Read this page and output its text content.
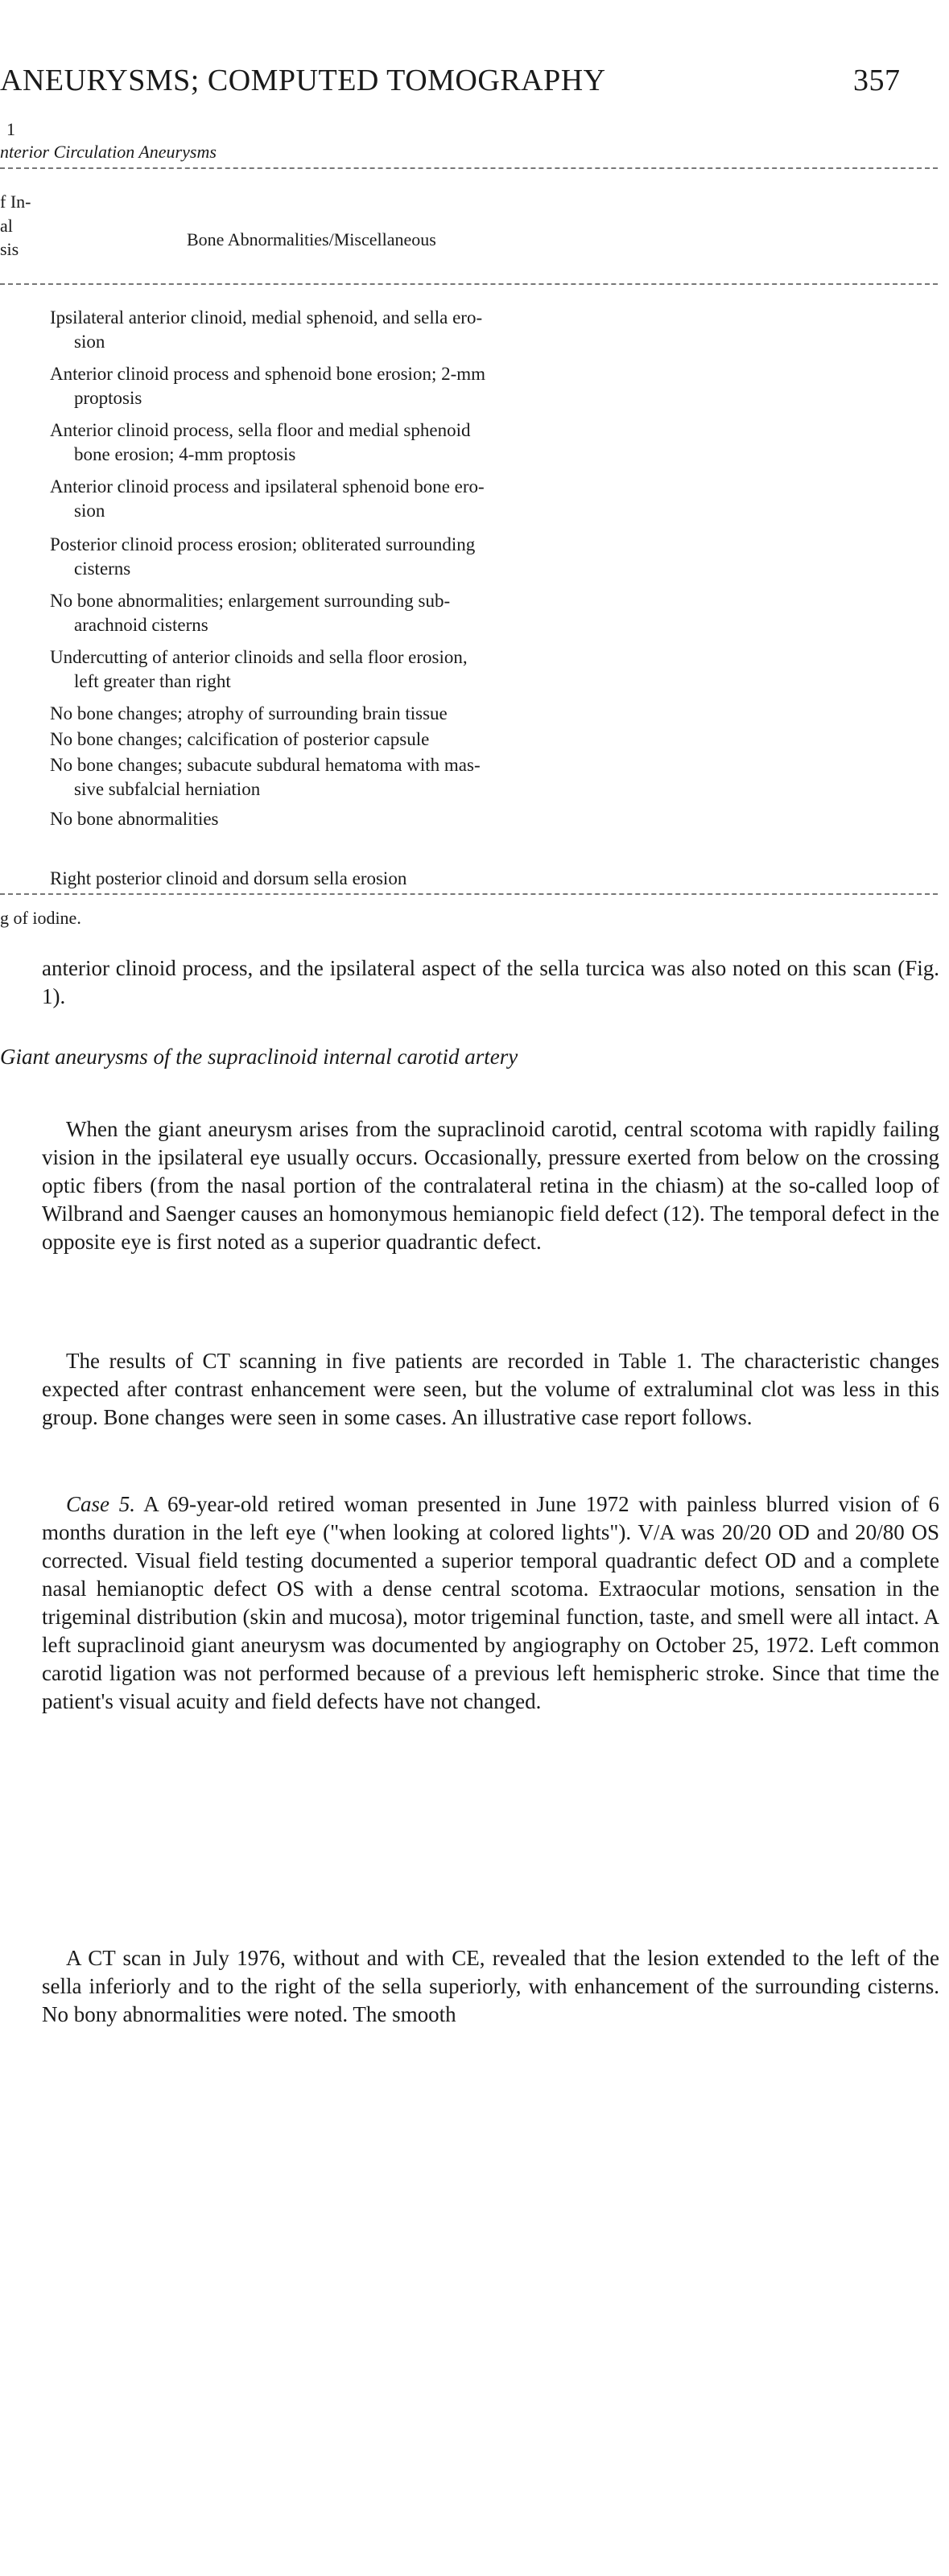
ANEURYSMS; COMPUTED TOMOGRAPHY	357
1
nterior Circulation Aneurysms
f In-
al
sis	Bone Abnormalities/Miscellaneous
Ipsilateral anterior clinoid, medial sphenoid, and sella ero-
sion
Anterior clinoid process and sphenoid bone erosion; 2-mm
proptosis
Anterior clinoid process, sella floor and medial sphenoid
bone erosion; 4-mm proptosis
Anterior clinoid process and ipsilateral sphenoid bone ero-
sion
Posterior clinoid process erosion; obliterated surrounding
cisterns
No bone abnormalities; enlargement surrounding sub-
arachnoid cisterns
Undercutting of anterior clinoids and sella floor erosion,
left greater than right
No bone changes; atrophy of surrounding brain tissue
No bone changes; calcification of posterior capsule
No bone changes; subacute subdural hematoma with mas-
sive subfalcial herniation
No bone abnormalities
Right posterior clinoid and dorsum sella erosion
g of iodine.
anterior clinoid process, and the ipsilateral aspect of the sella turcica was also noted on this scan (Fig. 1).
Giant aneurysms of the supraclinoid internal carotid artery
When the giant aneurysm arises from the supraclinoid carotid, central scotoma with rapidly failing vision in the ipsilateral eye usually occurs. Occasionally, pressure exerted from below on the crossing optic fibers (from the nasal portion of the contralateral retina in the chiasm) at the so-called loop of Wilbrand and Saenger causes an homonymous hemianopic field defect (12). The temporal defect in the opposite eye is first noted as a superior quadrantic defect.
The results of CT scanning in five patients are recorded in Table 1. The characteristic changes expected after contrast enhancement were seen, but the volume of extraluminal clot was less in this group. Bone changes were seen in some cases. An illustrative case report follows.
Case 5. A 69-year-old retired woman presented in June 1972 with painless blurred vision of 6 months duration in the left eye ("when looking at colored lights"). V/A was 20/20 OD and 20/80 OS corrected. Visual field testing documented a superior temporal quadrantic defect OD and a complete nasal hemianoptic defect OS with a dense central scotoma. Extraocular motions, sensation in the trigeminal distribution (skin and mucosa), motor trigeminal function, taste, and smell were all intact. A left supraclinoid giant aneurysm was documented by angiography on October 25, 1972. Left common carotid ligation was not performed because of a previous left hemispheric stroke. Since that time the patient's visual acuity and field defects have not changed.
A CT scan in July 1976, without and with CE, revealed that the lesion extended to the left of the sella inferiorly and to the right of the sella superiorly, with enhancement of the surrounding cisterns. No bony abnormalities were noted. The smooth
